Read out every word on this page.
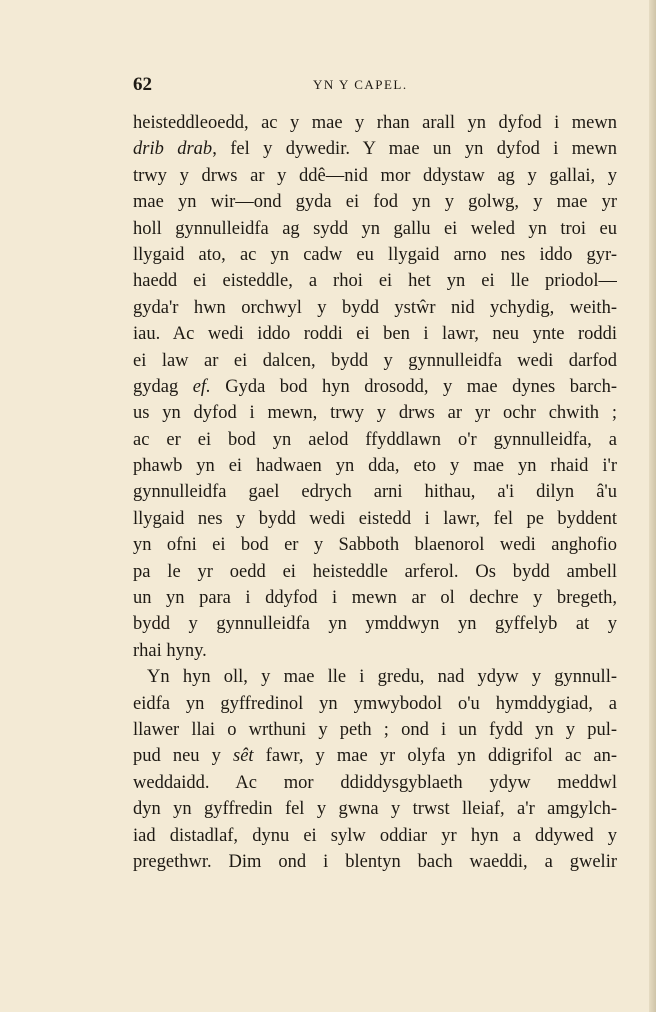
62	YN Y CAPEL.
heisteddleoedd, ac y mae y rhan arall yn dyfod i mewn
drib drab, fel y dywedir. Y mae un yn dyfod i mewn
trwy y drws ar y ddê—nid mor ddystaw ag y gallai, y
mae yn wir—ond gyda ei fod yn y golwg, y mae yr
holl gynnulleidfa ag sydd yn gallu ei weled yn troi eu
llygaid ato, ac yn cadw eu llygaid arno nes iddo gyr-
haedd ei eisteddle, a rhoi ei het yn ei lle priodol—
gyda'r hwn orchwyl y bydd ystŵr nid ychydig, weith-
iau. Ac wedi iddo roddi ei ben i lawr, neu ynte roddi
ei law ar ei dalcen, bydd y gynnulleidfa wedi darfod
gydag ef. Gyda bod hyn drosodd, y mae dynes barch-
us yn dyfod i mewn, trwy y drws ar yr ochr chwith ;
ac er ei bod yn aelod ffyddlawn o'r gynnulleidfa, a
phawb yn ei hadwaen yn dda, eto y mae yn rhaid i'r
gynnulleidfa gael edrych arni hithau, a'i dilyn â'u
llygaid nes y bydd wedi eistedd i lawr, fel pe byddent
yn ofni ei bod er y Sabboth blaenorol wedi anghofio
pa le yr oedd ei heisteddle arferol. Os bydd ambell
un yn para i ddyfod i mewn ar ol dechre y bregeth,
bydd y gynnulleidfa yn ymddwyn yn gyffelyb at y
rhai hyny.
Yn hyn oll, y mae lle i gredu, nad ydyw y gynnull-
eidfa yn gyffredinol yn ymwybodol o'u hymddygiad, a
llawer llai o wrthuni y peth ; ond i un fydd yn y pul-
pud neu y sêt fawr, y mae yr olyfa yn ddigrifol ac an-
weddaidd. Ac mor ddiddysgyblaeth ydyw meddwl
dyn yn gyffredin fel y gwna y trwst lleiaf, a'r amgylch-
iad distadlaf, dynu ei sylw oddiar yr hyn a ddywed y
pregethwr. Dim ond i blentyn bach waeddi, a gwelir
